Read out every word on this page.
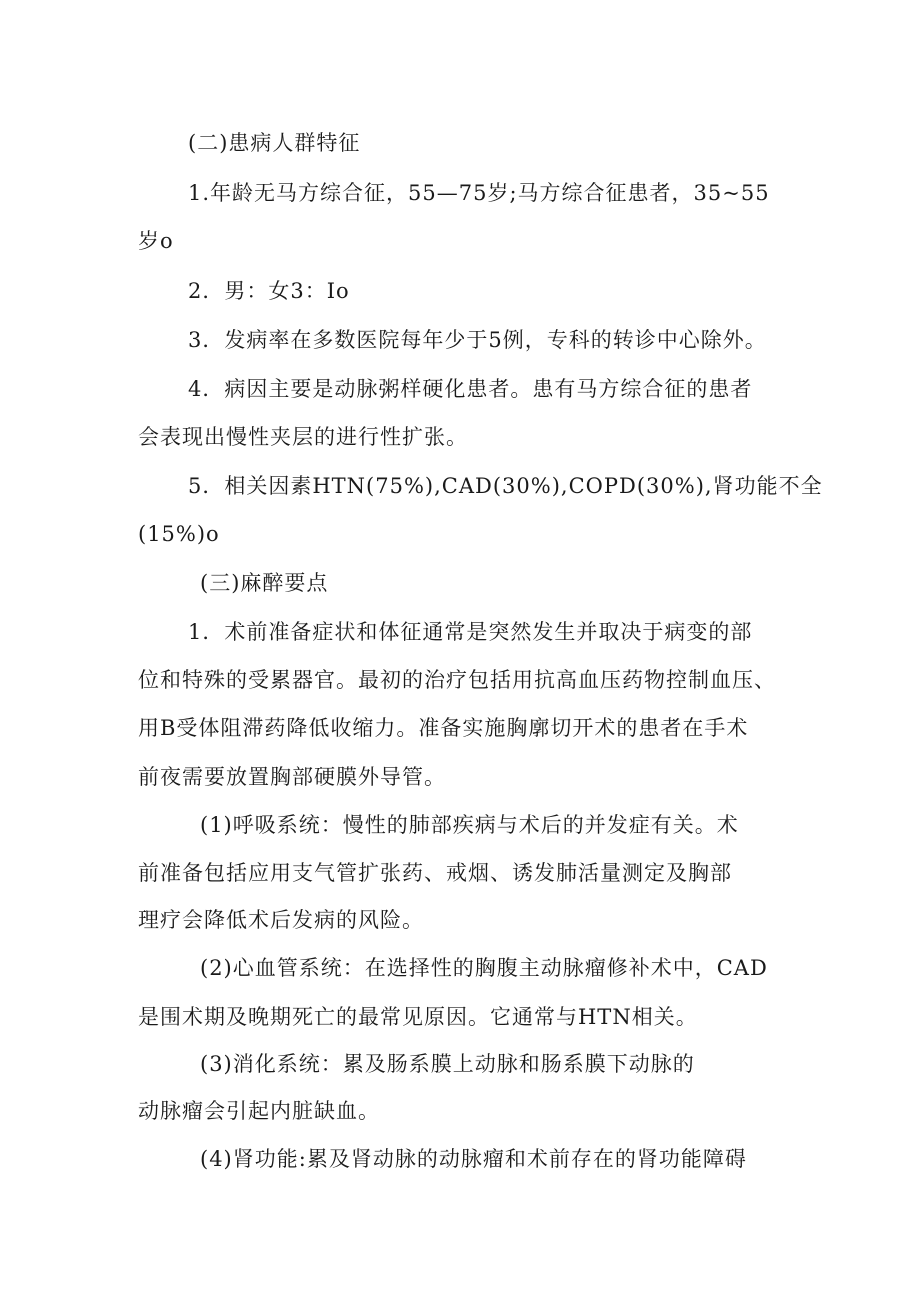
(二)患病人群特征
1.年龄无马方综合征，55—75岁;马方综合征患者，35~55
岁o
2．男：女3：Io
3．发病率在多数医院每年少于5例，专科的转诊中心除外。
4．病因主要是动脉粥样硬化患者。患有马方综合征的患者
会表现出慢性夹层的进行性扩张。
5．相关因素HTN(75%),CAD(30%),COPD(30%),肾功能不全
(15%)o
(三)麻醉要点
1．术前准备症状和体征通常是突然发生并取决于病变的部
位和特殊的受累器官。最初的治疗包括用抗高血压药物控制血压、
用B受体阻滞药降低收缩力。准备实施胸廓切开术的患者在手术
前夜需要放置胸部硬膜外导管。
(1)呼吸系统：慢性的肺部疾病与术后的并发症有关。术
前准备包括应用支气管扩张药、戒烟、诱发肺活量测定及胸部
理疗会降低术后发病的风险。
(2)心血管系统：在选择性的胸腹主动脉瘤修补术中，CAD
是围术期及晚期死亡的最常见原因。它通常与HTN相关。
(3)消化系统：累及肠系膜上动脉和肠系膜下动脉的
动脉瘤会引起内脏缺血。
(4)肾功能:累及肾动脉的动脉瘤和术前存在的肾功能障碍
